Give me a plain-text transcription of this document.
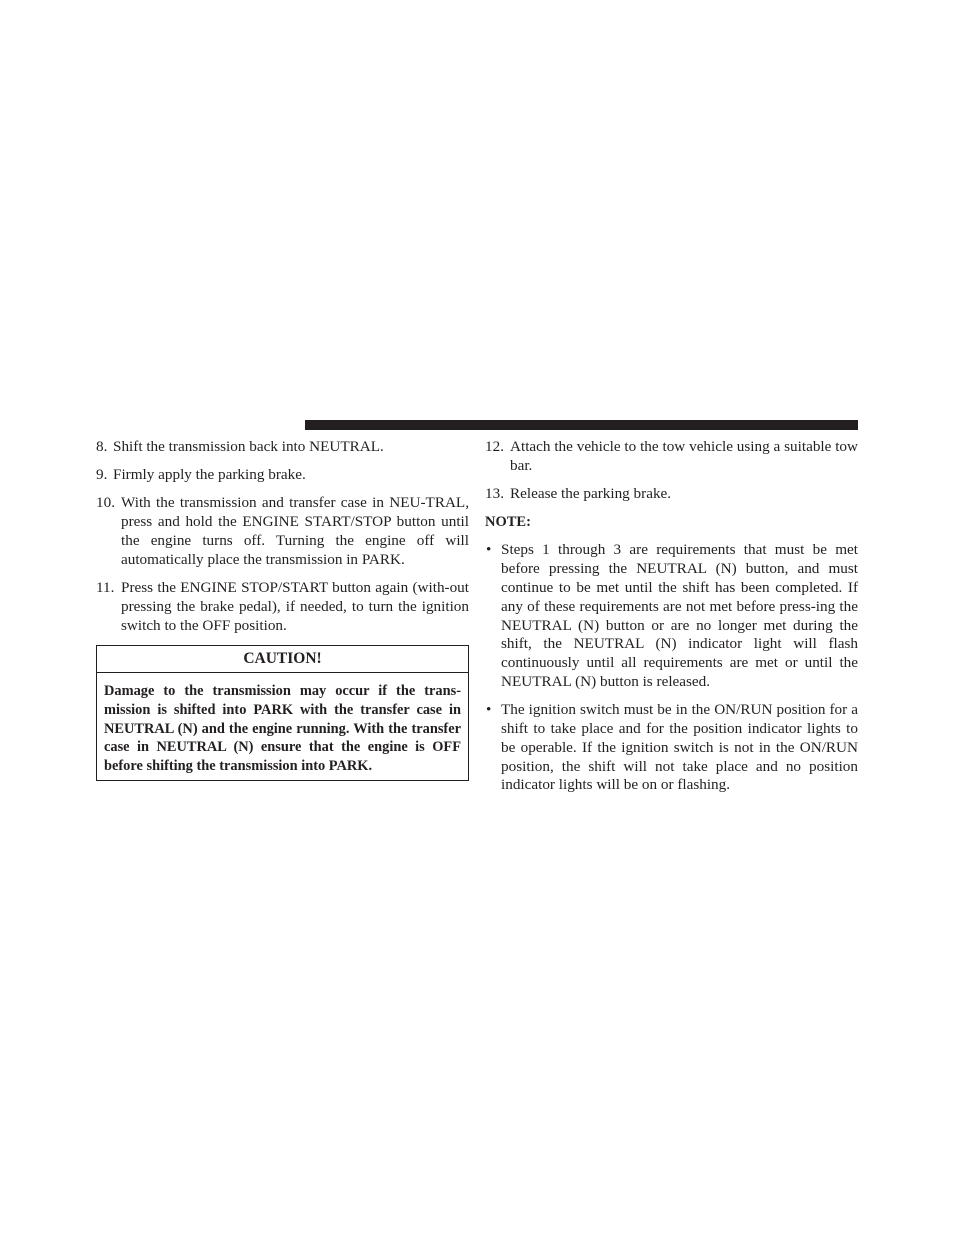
8. Shift the transmission back into NEUTRAL.
9. Firmly apply the parking brake.
10. With the transmission and transfer case in NEU-TRAL, press and hold the ENGINE START/STOP button until the engine turns off. Turning the engine off will automatically place the transmission in PARK.
11. Press the ENGINE STOP/START button again (with-out pressing the brake pedal), if needed, to turn the ignition switch to the OFF position.
CAUTION!
Damage to the transmission may occur if the trans-mission is shifted into PARK with the transfer case in NEUTRAL (N) and the engine running. With the transfer case in NEUTRAL (N) ensure that the engine is OFF before shifting the transmission into PARK.
12. Attach the vehicle to the tow vehicle using a suitable tow bar.
13. Release the parking brake.
NOTE:
• Steps 1 through 3 are requirements that must be met before pressing the NEUTRAL (N) button, and must continue to be met until the shift has been completed. If any of these requirements are not met before press-ing the NEUTRAL (N) button or are no longer met during the shift, the NEUTRAL (N) indicator light will flash continuously until all requirements are met or until the NEUTRAL (N) button is released.
• The ignition switch must be in the ON/RUN position for a shift to take place and for the position indicator lights to be operable. If the ignition switch is not in the ON/RUN position, the shift will not take place and no position indicator lights will be on or flashing.
